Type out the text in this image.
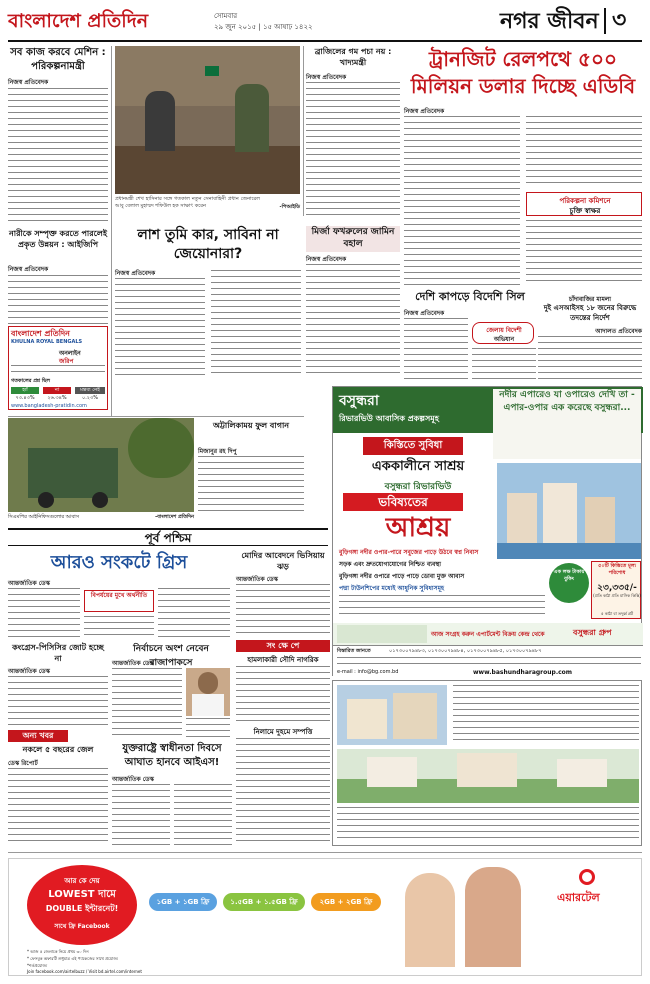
বাংলাদেশ প্রতিদিন	সোমবার
২৯ জুন ২০১৫ | ১৫ আষাঢ় ১৪২২	নগর জীবন ৩
সব কাজ করবে মেশিন : পরিকল্পনামন্ত্রী
নিজস্ব প্রতিবেদক
নারীকে সম্পৃক্ত করতে পারলেই প্রকৃত উন্নয়ন : আইজিপি
নিজস্ব প্রতিবেদক
বাংলাদেশ প্রতিদিন
KHULNA ROYAL BENGALS
অনলাইন
জরিপ
গতকালের প্রশ্ন ছিল
হ্যাঁ	না	মন্তব্য নেই
৭৩.৪৩%	২৬.৩৪%	০.২৩%
www.bangladesh-pratidin.com
প্রধানমন্ত্রী শেখ হাসিনার সঙ্গে গতকাল নতুন সেনাবাহিনী প্রধান জেনারেল আবু বেলাল মুহাম্মদ শফিউল হক সাক্ষাৎ করেন	-পিআইডি
ব্রাজিলের গম পচা নয় : খাদ্যমন্ত্রী
নিজস্ব প্রতিবেদক
ট্রানজিট রেলপথে ৫০০ মিলিয়ন ডলার দিচ্ছে এডিবি
নিজস্ব প্রতিবেদক
পরিকল্পনা কমিশনে
চুক্তি স্বাক্ষর
লাশ তুমি কার, সাবিনা না জেয়োনারা?
নিজস্ব প্রতিবেদক
মির্জা ফখরুলের জামিন বহাল
নিজস্ব প্রতিবেদক
চাঁদাবাজির মামলা
দুই এসআইসহ ১৮ জনের বিরুদ্ধে তদন্তের নির্দেশ
আদালত প্রতিবেদক
দেশি কাপড়ে বিদেশি সিল
নিজস্ব প্রতিবেদক
জেলায় বিদেশী
অভিযান
অট্টালিকাময় ফুল বাগান
মিজানুর রহ দিপু
সিএমপির আইনিফিসগুলোর আবাস	-বাংলাদেশ প্রতিদিন
পূর্ব পশ্চিম
বসুন্ধরা
রিভারভিউ আবাসিক প্রকল্পসমূহ
নদীর এপারেও যা ওপারেও দেখি তা - এপার-ওপার এক করেছে বসুন্ধরা...
কিস্তিতে সুবিধা
এককালীনে সাশ্রয়
বসুন্ধরা রিভারভিউ
ভবিষ্যতের
আশ্রয়
বুড়িগঙ্গা নদীর ওপার-পারে সবুজের পাড়ে উঠবে স্বপ্ন নিবাস
সড়ক এবং দ্রুতযোগাযোগের নিশ্চিত ব্যবস্থা
বুড়িগঙ্গা নদীর ওপারে পাড়ে পাড়ে ডোবা মুক্ত আবাস
পদ্মা টাউনশিপের মধ্যেই আধুনিক সুবিধাসমূহ
এক লক্ষ টাকায় বুকিং
৫০টি কিস্তিতে মূল্য পরিশোধ
২৩,৩৩৫/-
(প্রতি কাঠা প্রতি মাসিক কিস্তি)
৫ কাঠা বা তদূর্ধ্ব প্লট
আজ সংগ্রহ করুন এপার্টমেন্ট বিক্রয় কেন্দ্র থেকে	বসুন্ধরা গ্রুপ
বিস্তারিত জানতে	০১৭৩০০৭৯৪৮৩, ০১৭৩০০৭৯৪৮৪, ০১৭৩০০৭৯৪৮৫, ০১৭৩০০৭৯৪৮৭
e-mail : info@bg.com.bd	www.bashundharagroup.com
আরও সংকটে গ্রিস
আন্তর্জাতিক ডেস্ক
বিপর্যয়ের মুখে অর্থনীতি
মোদির আবেদনে ভিসিয়ায় ঝড়
আন্তর্জাতিক ডেস্ক
কংগ্রেস-পিসিসির জোট হচ্ছে না
আন্তর্জাতিক ডেস্ক
নির্বাচনে অংশ নেবেন রাজাপাকসে
আন্তর্জাতিক ডেস্ক
সং ক্ষে পে
হামলাকারী সৌদি নাগরিক
যুক্তরাষ্ট্রে স্বাধীনতা দিবসে আঘাত হানবে আইএস!
আন্তর্জাতিক ডেস্ক
নিলামে দুহমে সম্পত্তি
অন্য খবর
নকলে ৫ বছরের জেল
ডেস্ক রিপোর্ট
আর কে দেয়
LOWEST দামে
DOUBLE ইন্টারনেট!
সাথে ফ্রি Facebook
১GB + ১GB ফ্রি	১.৫GB + ১.৫GB ফ্রি	২GB + ২GB ফ্রি	এয়ারটেল
* আজ ৫ জেলাকে নিয়ে প্রথম ৩০ দিন
* ফেসবুক অফারটি শুধুমাত্র এই প্যাকেজের সাথে প্রযোজ্য
*শর্তপ্রযোজ্য
Join facebook.com/airtelbuzz / Visit bd.airtel.com/internet
